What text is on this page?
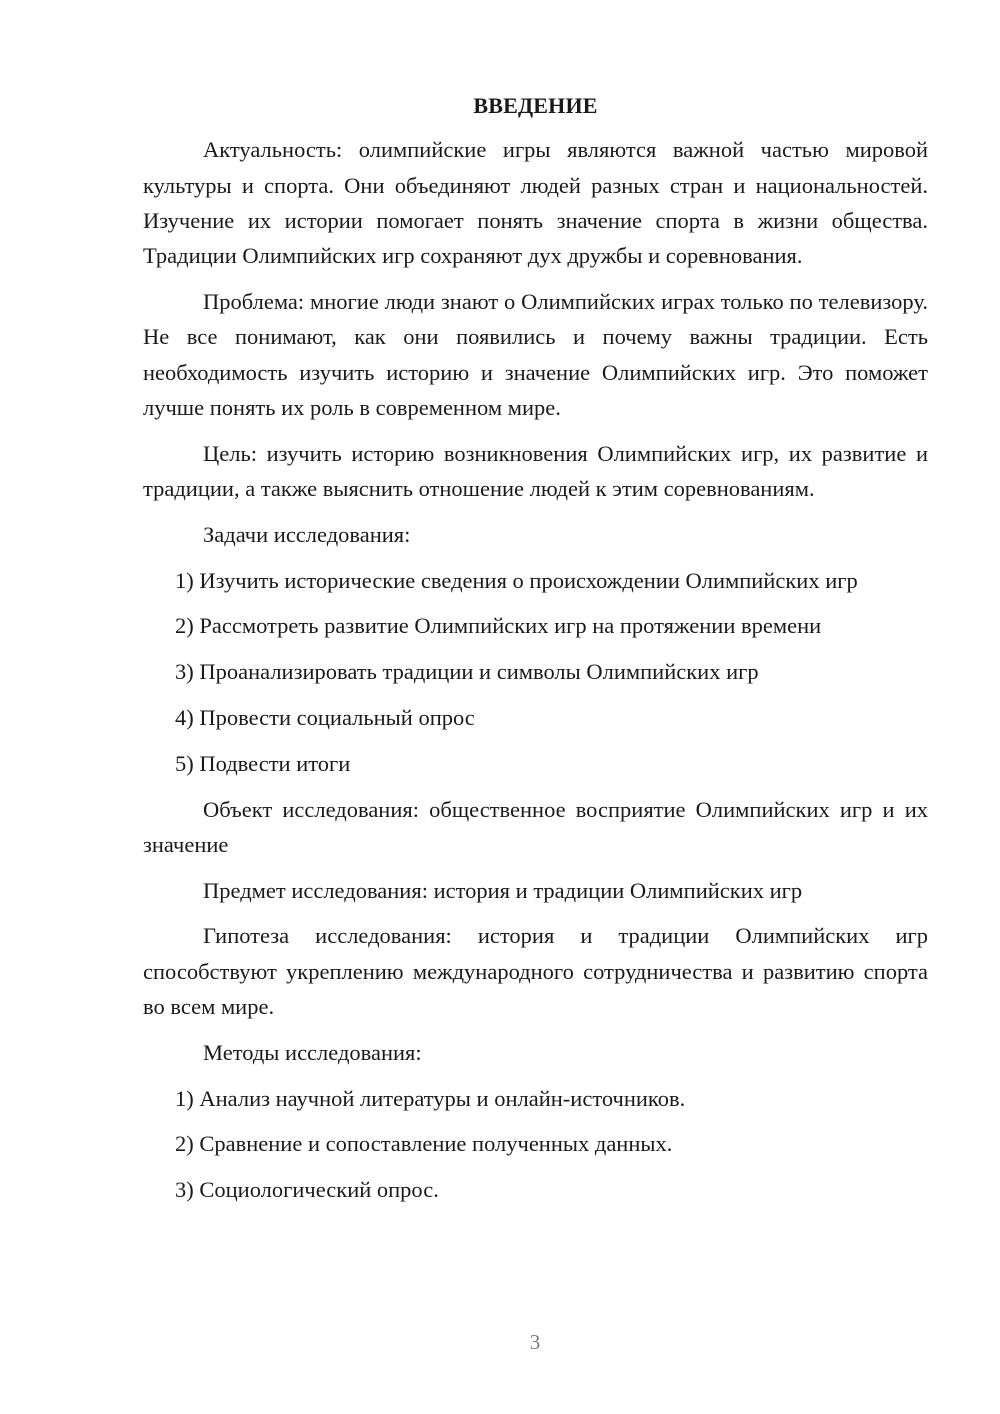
ВВЕДЕНИЕ

Актуальность: олимпийские игры являются важной частью мировой культуры и спорта. Они объединяют людей разных стран и национальностей. Изучение их истории помогает понять значение спорта в жизни общества. Традиции Олимпийских игр сохраняют дух дружбы и соревнования.

Проблема: многие люди знают о Олимпийских играх только по телевизору. Не все понимают, как они появились и почему важны традиции. Есть необходимость изучить историю и значение Олимпийских игр. Это поможет лучше понять их роль в современном мире.

Цель: изучить историю возникновения Олимпийских игр, их развитие и традиции, а также выяснить отношение людей к этим соревнованиям.

Задачи исследования:

1) Изучить исторические сведения о происхождении Олимпийских игр

2) Рассмотреть развитие Олимпийских игр на протяжении времени

3) Проанализировать традиции и символы Олимпийских игр

4) Провести социальный опрос

5) Подвести итоги

Объект исследования: общественное восприятие Олимпийских игр и их значение

Предмет исследования: история и традиции Олимпийских игр

Гипотеза исследования: история и традиции Олимпийских игр способствуют укреплению международного сотрудничества и развитию спорта во всем мире.

Методы исследования:

1) Анализ научной литературы и онлайн-источников.

2) Сравнение и сопоставление полученных данных.

3) Социологический опрос.

3
